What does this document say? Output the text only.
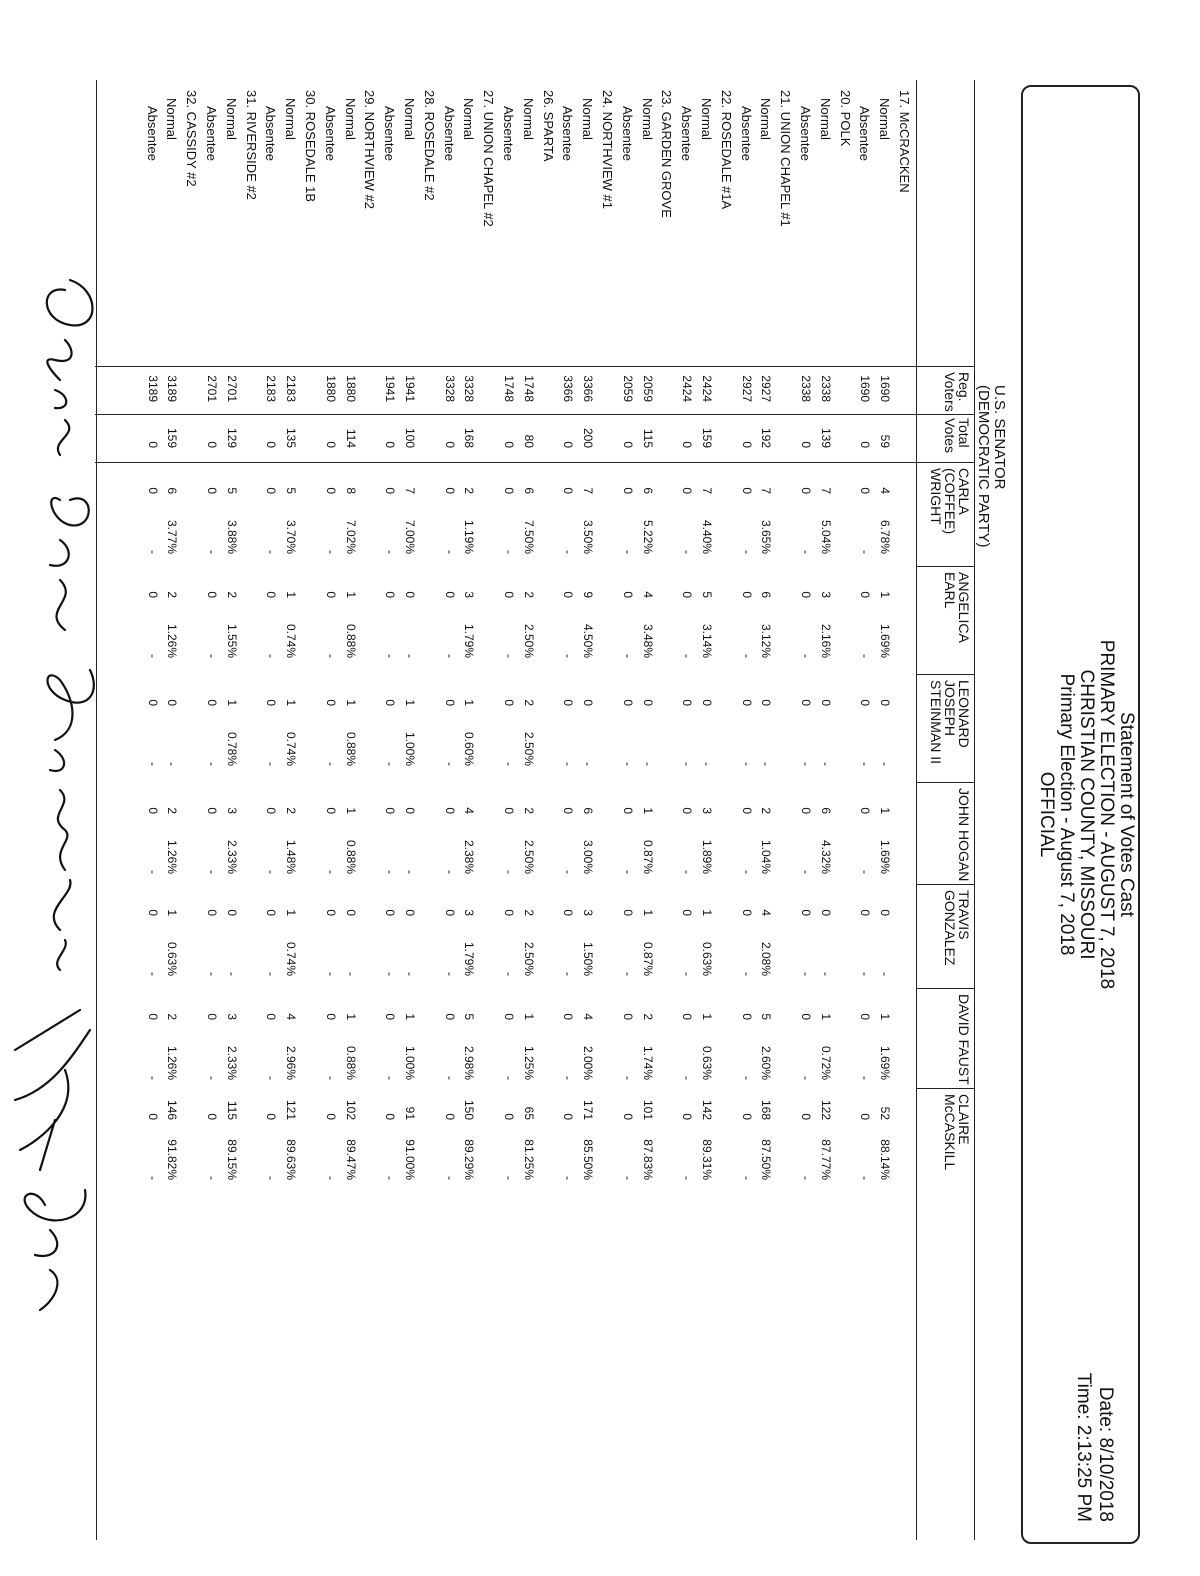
Statement of Votes Cast
PRIMARY ELECTION - AUGUST 7, 2018
CHRISTIAN COUNTY, MISSOURI
Primary Election - August 7, 2018
OFFICIAL
Date: 8/10/2018
Time: 2:13:25 PM
U.S. SENATOR
(DEMOCRATIC PARTY)
Reg.
Voters
Total
Votes
CARLA
(COFFEE)
WRIGHT
ANGELICA
EARL
LEONARD
JOSEPH
STEINMAN II
JOHN HOGAN
TRAVIS
GONZALEZ
DAVID FAUST
CLAIRE
McCASKILL
17. McCRACKEN
Normal
1690
59
4
6.78%
1
1.69%
0
-
1
1.69%
0
-
1
1.69%
52
88.14%
Absentee
1690
0
0
-
0
-
0
-
0
-
0
-
0
-
0
-
20. POLK
Normal
2338
139
7
5.04%
3
2.16%
0
-
6
4.32%
0
-
1
0.72%
122
87.77%
Absentee
2338
0
0
-
0
-
0
-
0
-
0
-
0
-
0
-
21. UNION CHAPEL #1
Normal
2927
192
7
3.65%
6
3.12%
0
-
2
1.04%
4
2.08%
5
2.60%
168
87.50%
Absentee
2927
0
0
-
0
-
0
-
0
-
0
-
0
-
0
-
22. ROSEDALE #1A
Normal
2424
159
7
4.40%
5
3.14%
0
-
3
1.89%
1
0.63%
1
0.63%
142
89.31%
Absentee
2424
0
0
-
0
-
0
-
0
-
0
-
0
-
0
-
23. GARDEN GROVE
Normal
2059
115
6
5.22%
4
3.48%
0
-
1
0.87%
1
0.87%
2
1.74%
101
87.83%
Absentee
2059
0
0
-
0
-
0
-
0
-
0
-
0
-
0
-
24. NORTHVIEW #1
Normal
3366
200
7
3.50%
9
4.50%
0
-
6
3.00%
3
1.50%
4
2.00%
171
85.50%
Absentee
3366
0
0
-
0
-
0
-
0
-
0
-
0
-
0
-
26. SPARTA
Normal
1748
80
6
7.50%
2
2.50%
2
2.50%
2
2.50%
2
2.50%
1
1.25%
65
81.25%
Absentee
1748
0
0
-
0
-
0
-
0
-
0
-
0
-
0
-
27. UNION CHAPEL #2
Normal
3328
168
2
1.19%
3
1.79%
1
0.60%
4
2.38%
3
1.79%
5
2.98%
150
89.29%
Absentee
3328
0
0
-
0
-
0
-
0
-
0
-
0
-
0
-
28. ROSEDALE #2
Normal
1941
100
7
7.00%
0
-
1
1.00%
0
-
0
-
1
1.00%
91
91.00%
Absentee
1941
0
0
-
0
-
0
-
0
-
0
-
0
-
0
-
29. NORTHVIEW #2
Normal
1880
114
8
7.02%
1
0.88%
1
0.88%
1
0.88%
0
-
1
0.88%
102
89.47%
Absentee
1880
0
0
-
0
-
0
-
0
-
0
-
0
-
0
-
30. ROSEDALE 1B
Normal
2183
135
5
3.70%
1
0.74%
1
0.74%
2
1.48%
1
0.74%
4
2.96%
121
89.63%
Absentee
2183
0
0
-
0
-
0
-
0
-
0
-
0
-
0
-
31. RIVERSIDE #2
Normal
2701
129
5
3.88%
2
1.55%
1
0.78%
3
2.33%
0
-
3
2.33%
115
89.15%
Absentee
2701
0
0
-
0
-
0
-
0
-
0
-
0
-
0
-
32. CASSIDY #2
Normal
3189
159
6
3.77%
2
1.26%
0
-
2
1.26%
1
0.63%
2
1.26%
146
91.82%
Absentee
3189
0
0
-
0
-
0
-
0
-
0
-
0
-
0
-
